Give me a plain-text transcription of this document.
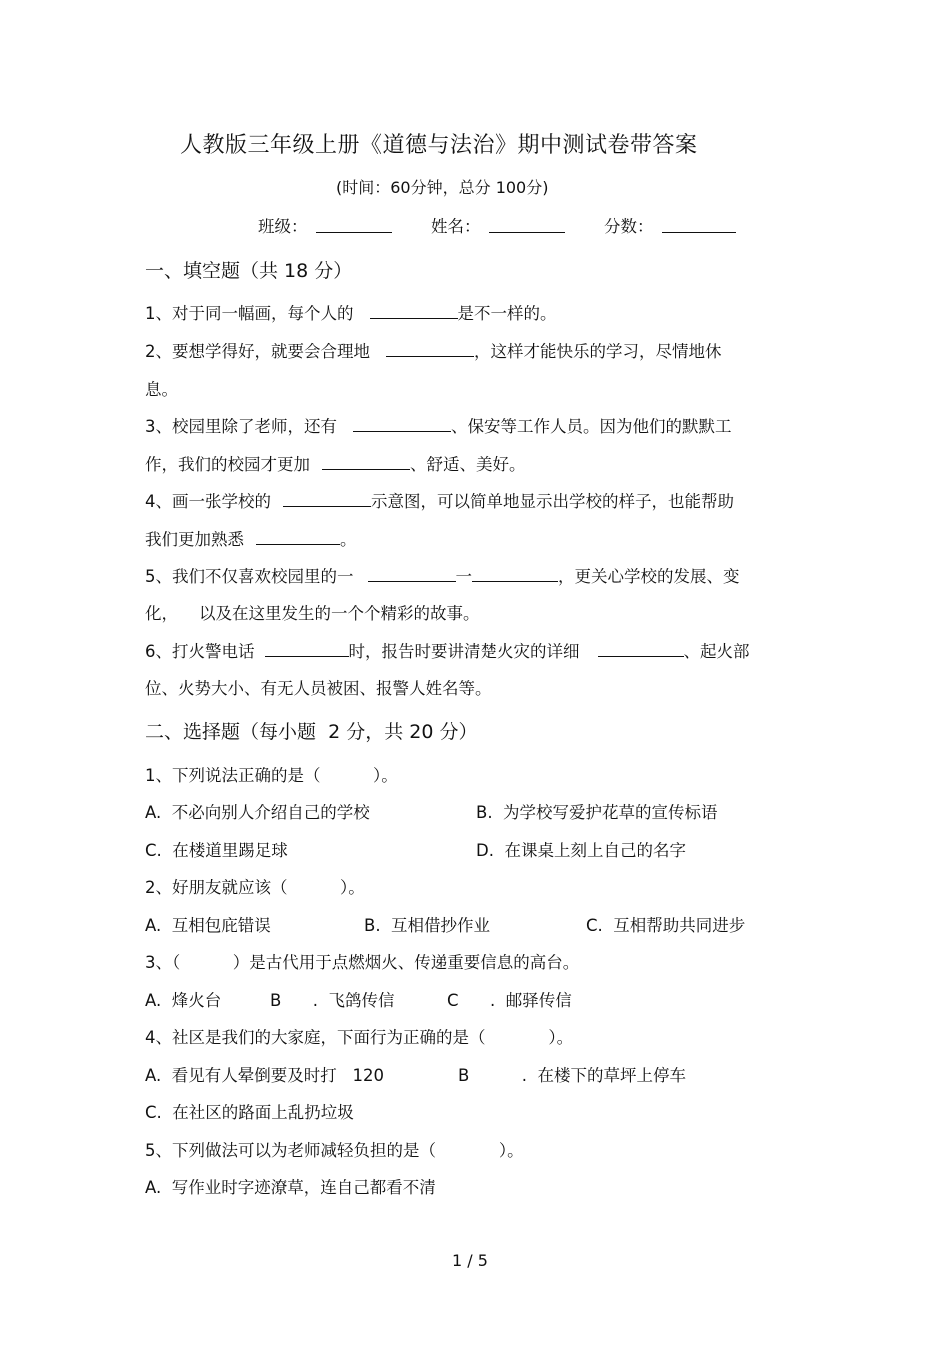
人教版三年级上册《道德与法治》期中测试卷带答案
(时间：60分钟，总分 100分)
班级：	姓名：	分数：
一、填空题（共 18 分）
1、对于同一幅画，每个人的	是不一样的。
2、要想学得好，就要会合理地	，这样才能快乐的学习，尽情地休
息。
3、校园里除了老师，还有	、保安等工作人员。因为他们的默默工
作，我们的校园才更加	、舒适、美好。
4、画一张学校的	示意图，可以简单地显示出学校的样子，也能帮助
我们更加熟悉	。
5、我们不仅喜欢校园里的一	一	，更关心学校的发展、变
化，    以及在这里发生的一个个精彩的故事。
6、打火警电话	时，报告时要讲清楚火灾的详细	、起火部
位、火势大小、有无人员被困、报警人姓名等。
二、选择题（每小题  2 分，共 20 分）
1、下列说法正确的是（          ）。
A.  不必向别人介绍自己的学校	B.  为学校写爱护花草的宣传标语
C.  在楼道里踢足球	D.  在课桌上刻上自己的名字
2、好朋友就应该（          ）。
A.  互相包庇错误	B.  互相借抄作业	C.  互相帮助共同进步
3、（          ）是古代用于点燃烟火、传递重要信息的高台。
A.  烽火台	B      .  飞鸽传信	C      .  邮驿传信
4、社区是我们的大家庭，下面行为正确的是（            ）。
A.  看见有人晕倒要及时打   120	B          .  在楼下的草坪上停车
C.  在社区的路面上乱扔垃圾
5、下列做法可以为老师减轻负担的是（            ）。
A.  写作业时字迹潦草，连自己都看不清
1 / 5
